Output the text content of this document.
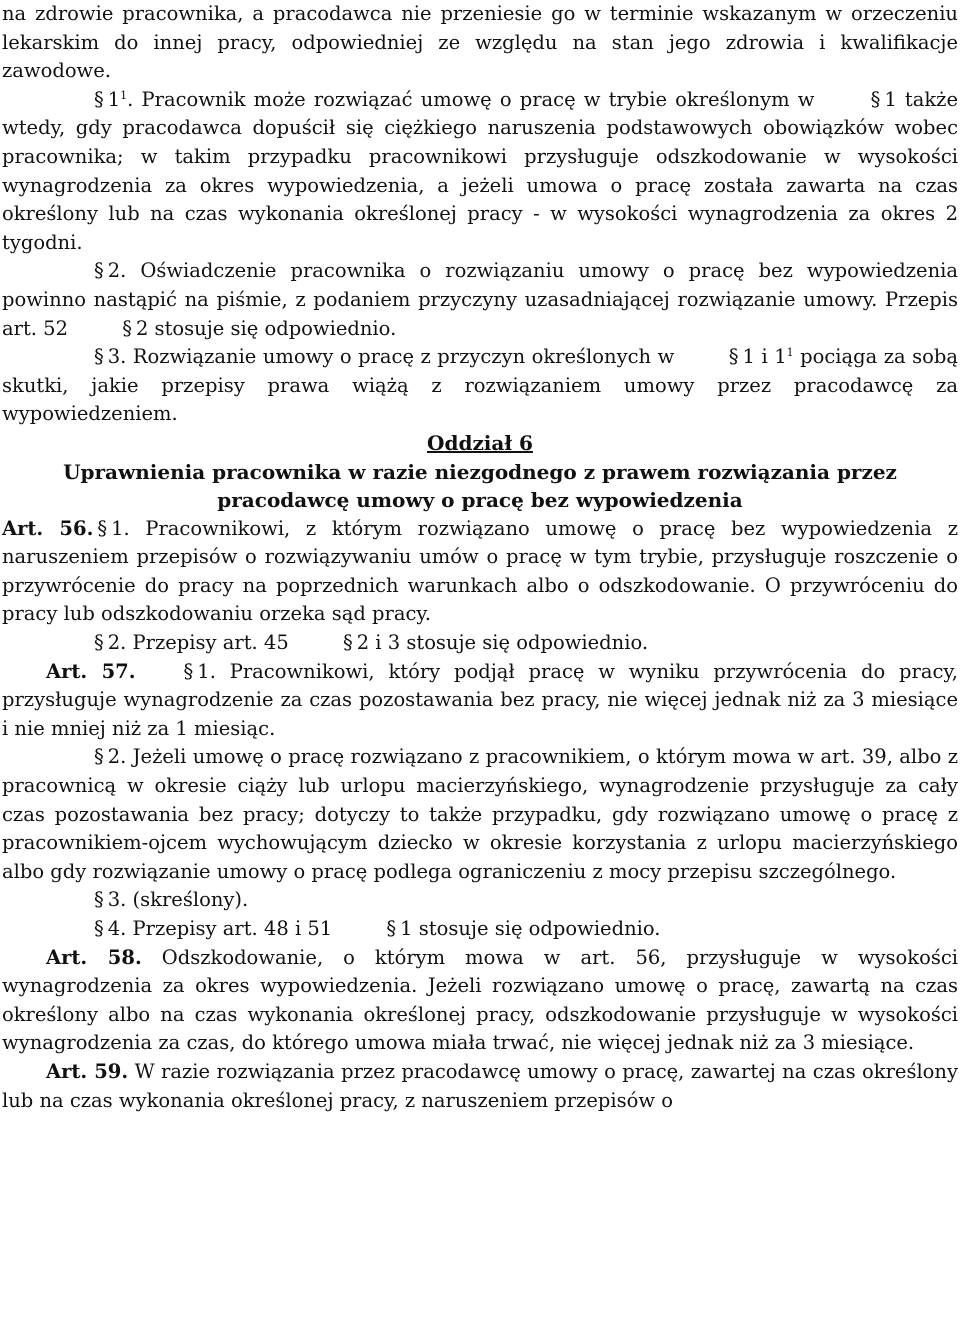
na zdrowie pracownika, a pracodawca nie przeniesie go w terminie wskazanym w orzeczeniu lekarskim do innej pracy, odpowiedniej ze względu na stan jego zdrowia i kwalifikacje zawodowe.

§ $1^1$. Pracownik może rozwiązać umowę o pracę w trybie określonym w	§ 1 także wtedy, gdy pracodawca dopuścił się ciężkiego naruszenia podstawowych obowiązków wobec pracownika; w takim przypadku pracownikowi przysługuje odszkodowanie w wysokości wynagrodzenia za okres wypowiedzenia, a jeżeli umowa o pracę została zawarta na czas określony lub na czas wykonania określonej pracy - w wysokości wynagrodzenia za okres 2 tygodni.

§ 2. Oświadczenie pracownika o rozwiązaniu umowy o pracę bez wypowiedzenia powinno nastąpić na piśmie, z podaniem przyczyny uzasadniającej rozwiązanie umowy. Przepis art. 52	§ 2 stosuje się odpowiednio.

§ 3. Rozwiązanie umowy o pracę z przyczyn określonych w	§ 1 i $1^1$ pociąga za sobą skutki, jakie przepisy prawa wiążą z rozwiązaniem umowy przez pracodawcę za wypowiedzeniem.

Oddział 6
Uprawnienia pracownika w razie niezgodnego z prawem rozwiązania przez pracodawcę umowy o pracę bez wypowiedzenia

Art. 56. § 1. Pracownikowi, z którym rozwiązano umowę o pracę bez wypowiedzenia z naruszeniem przepisów o rozwiązywaniu umów o pracę w tym trybie, przysługuje roszczenie o przywrócenie do pracy na poprzednich warunkach albo o odszkodowanie. O przywróceniu do pracy lub odszkodowaniu orzeka sąd pracy.

§ 2. Przepisy art. 45	§ 2 i 3 stosuje się odpowiednio.

Art. 57. § 1. Pracownikowi, który podjął pracę w wyniku przywrócenia do pracy, przysługuje wynagrodzenie za czas pozostawania bez pracy, nie więcej jednak niż za 3 miesiące i nie mniej niż za 1 miesiąc.

§ 2. Jeżeli umowę o pracę rozwiązano z pracownikiem, o którym mowa w art. 39, albo z pracownicą w okresie ciąży lub urlopu macierzyńskiego, wynagrodzenie przysługuje za cały czas pozostawania bez pracy; dotyczy to także przypadku, gdy rozwiązano umowę o pracę z pracownikiem-ojcem wychowującym dziecko w okresie korzystania z urlopu macierzyńskiego albo gdy rozwiązanie umowy o pracę podlega ograniczeniu z mocy przepisu szczególnego.

§ 3. (skreślony).

§ 4. Przepisy art. 48 i 51	§ 1 stosuje się odpowiednio.

Art. 58. Odszkodowanie, o którym mowa w art. 56, przysługuje w wysokości wynagrodzenia za okres wypowiedzenia. Jeżeli rozwiązano umowę o pracę, zawartą na czas określony albo na czas wykonania określonej pracy, odszkodowanie przysługuje w wysokości wynagrodzenia za czas, do którego umowa miała trwać, nie więcej jednak niż za 3 miesiące.

Art. 59. W razie rozwiązania przez pracodawcę umowy o pracę, zawartej na czas określony lub na czas wykonania określonej pracy, z naruszeniem przepisów o
